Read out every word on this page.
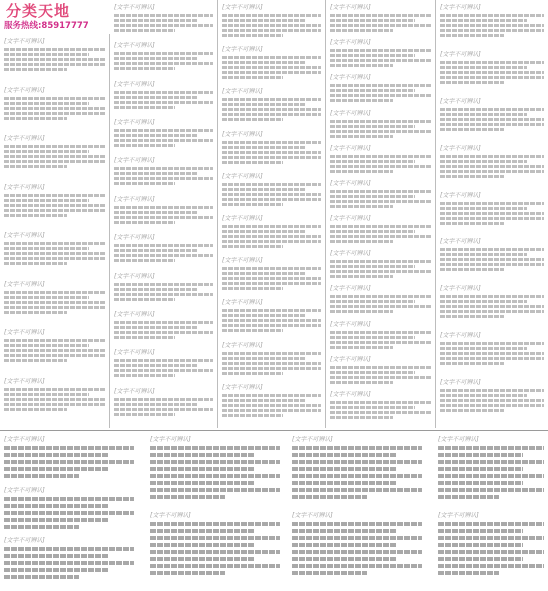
分类天地
服务热线:85917777
[文字不可辨认]
[文字不可辨认]
[文字不可辨认]
[文字不可辨认]
[文字不可辨认]
[文字不可辨认]
[文字不可辨认]
[文字不可辨认]
[文字不可辨认]
[文字不可辨认]
[文字不可辨认]
[文字不可辨认]
[文字不可辨认]
[文字不可辨认]
[文字不可辨认]
[文字不可辨认]
[文字不可辨认]
[文字不可辨认]
[文字不可辨认]
[文字不可辨认]
[文字不可辨认]
[文字不可辨认]
[文字不可辨认]
[文字不可辨认]
[文字不可辨认]
[文字不可辨认]
[文字不可辨认]
[文字不可辨认]
[文字不可辨认]
[文字不可辨认]
[文字不可辨认]
[文字不可辨认]
[文字不可辨认]
[文字不可辨认]
[文字不可辨认]
[文字不可辨认]
[文字不可辨认]
[文字不可辨认]
[文字不可辨认]
[文字不可辨认]
[文字不可辨认]
[文字不可辨认]
[文字不可辨认]
[文字不可辨认]
[文字不可辨认]
[文字不可辨认]
[文字不可辨认]
[文字不可辨认]
[文字不可辨认]
[文字不可辨认]
[文字不可辨认]
[文字不可辨认]
[文字不可辨认]
[文字不可辨认]
[文字不可辨认]
[文字不可辨认]
[文字不可辨认]
[文字不可辨认]
[文字不可辨认]
